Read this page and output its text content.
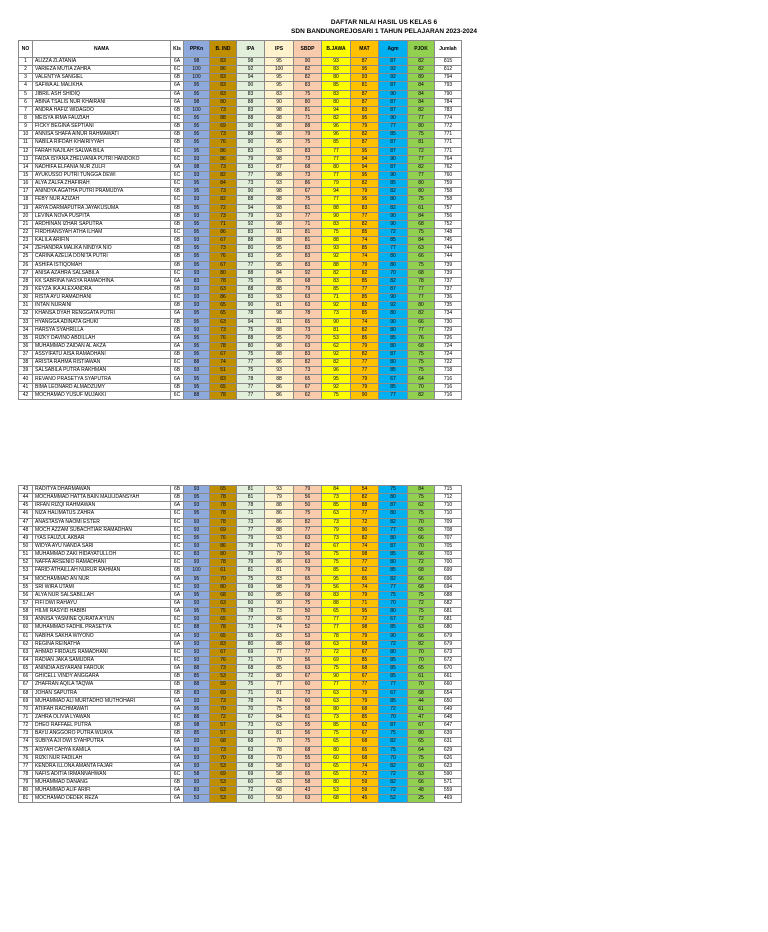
DAFTAR NILAI HASIL US KELAS 6
SDN BANDUNGREJOSARI 1 TAHUN PELAJARAN 2023-2024
NO	NAMA	Kls	PPKn	B. IND	IPA	IPS	SBDP	B.JAWA	MAT	Agm	PJOK	Jumlah
1	ALIZZA ZLATANIA	6A	98	83	98	95	90	93	87	87	82	815
2	VARIEZA MUTIA ZAHRA	6C	100	86	92	100	82	83	95	92	82	812
3	VALENTYA SANGIEL	6B	100	83	94	95	82	80	93	92	89	794
4	SAFWA AL MALIKHA	6A	95	83	90	95	83	85	81	87	84	793
5	JIBRIL ASH SHIDIQ	6A	95	83	83	83	75	83	87	90	84	790
6	ABINA TSALIS NUR KHAIRANI	6A	98	80	88	90	80	80	87	87	84	784
7	ANDRA HAFIZ WIDAGDO	6B	100	73	83	98	81	94	83	87	82	783
8	MEISYA IRMA FAUZIAH	6C	95	88	88	88	71	82	95	90	77	774
9	FICKY BEGINA SEPTIANI	6B	95	69	90	98	88	96	79	77	80	772
10	ANNISA SHAFA AINUR RAHMAWATI	6B	95	73	88	98	79	96	82	85	75	771
11	NABILA RIFDAH KHAIRIYYAH	6B	95	76	90	95	75	85	87	87	81	771
12	FARAH NAJILAH SALWA BILA	6C	95	86	83	93	83	77	95	87	72	771
13	FAIDA ISYANA ZHELVANIA PUTRI HANDOKO	6C	93	86	79	98	73	77	94	90	77	764
14	NADHIFA ELFANIA NUR ZULFI	6A	98	73	83	87	68	80	94	87	82	762
15	AYUKUSSO PUTRI TUNGGA DEWI	6C	93	82	77	98	73	77	95	90	77	760
16	ALYA ZALFA ZHAFIRAH	6C	95	84	73	93	86	79	82	85	80	759
17	ANINDYA AGATHA PUTRI PRAMUDYA	6B	95	73	90	98	67	94	79	82	80	758
18	FEBY NUR AZIZAH	6C	93	82	88	88	75	77	95	80	75	758
19	ARYA DARMAPUTRA JAYAKUSUMA	6B	95	72	94	98	81	88	83	82	61	757
20	LEVINA NOVA PUSPITA	6B	93	73	79	93	77	90	77	90	84	756
21	ARDHINAN IZHAR SAPUTRA	6B	95	71	92	98	71	83	82	90	68	752
22	FIRDHIANSYAH ATHA ILHAM	6C	95	86	83	91	81	75	85	72	75	748
23	KALILA ARIFIN	6B	93	67	88	88	81	88	74	85	84	745
24	ZEHANDRA MALIKA NINDYA NIO	6B	95	73	80	95	83	93	85	77	63	744
25	CARINA AZELIA DONITA PUTRI	6B	95	76	83	95	83	92	74	80	66	744
26	ASHIFA ISTIQOMAH	6B	95	67	77	95	83	88	79	80	75	739
27	ANISA AZAHRA SALSABILA	6C	93	80	88	84	92	82	82	70	68	739
28	KK SABRINA NASYA RAMADHINA	6A	83	78	75	95	68	83	85	82	78	737
29	KEYZA IKA ALEXANDRA	6B	93	63	88	88	79	85	77	87	77	737
30	RISTA AYU RAMADHANI	6C	93	86	83	93	63	71	85	90	77	736
31	INTAN NURAINI	6B	93	65	90	81	63	92	82	92	80	735
32	KHANSA DYAH RENGGATA PUTRI	6A	95	65	78	98	78	73	85	80	82	734
33	HYANGGA ADINATA GHUKI	6B	95	63	94	91	65	90	74	90	66	730
34	HARSYA SYAHRILLA	6B	93	73	75	88	73	81	82	80	77	729
35	RIZKY DAVINO ABDILLAH	6A	95	76	88	95	70	53	85	85	76	726
36	MUHAMMAD ZAIDAN AL AKZA	6A	95	78	80	98	63	62	79	80	68	724
37	ASSYIFATU AISA RAMADHANI	6B	95	67	75	88	83	92	82	87	75	724
38	ARISTA RAHMA RISTIAWAN	6C	88	74	77	86	82	82	77	80	75	722
39	SALSABILA PUTRA RAKHMAN	6B	93	51	75	93	73	96	77	85	75	718
40	REVANO PRASETYA SYAPUTRA	6A	95	83	78	88	65	95	79	67	64	716
41	BIMA LEONARD ALMADZUMY	6B	95	65	77	86	67	92	79	85	70	716
42	MOCHAMAD YUSUF MUJAKKI	6C	88	78	77	86	62	75	90	77	82	716
43	RADITYA DHARMAWAN	6B	93	65	81	93	79	84	54	75	84	715
44	MOCHAMMAD HATTA BAIN MAULIDANSYAH	6B	95	78	81	79	56	73	82	80	75	712
45	IRFAN RIZQI RAHMAWAN	6A	93	78	78	88	50	85	88	87	62	710
46	NIZA HALIMATUS ZAHRA	6C	95	78	71	86	75	63	77	80	75	710
47	ANASTASYA NAOMI ESTER	6C	93	78	73	86	82	73	72	82	70	709
48	MOCH AZZAM SUBACHTIAR RAMADHAN	6C	93	69	77	88	77	79	90	77	65	708
49	IYAS FAUZUL AKBAR	6C	95	76	79	93	63	73	82	80	66	707
50	WIDYA AYU NANDA SARI	6C	93	86	79	70	82	67	74	87	70	705
51	MUHAMMAD ZAKI HIDAYATULLOH	6C	83	80	79	79	56	75	98	85	66	703
52	NAFFA ARSENIO RAMADHANI	6C	93	78	79	86	63	75	77	80	72	700
53	FARID ATHAILLAH NURUR RAHMAN	6B	100	61	81	81	79	85	62	85	68	699
54	MOCHAMMAD AN NUR	6A	95	70	75	83	65	95	65	82	66	696
55	SRI WIRA UTAMI	6C	93	80	69	98	79	56	74	77	68	694
56	ALYA NUR SALSABILLAH	6A	95	68	60	85	68	83	79	75	75	688
57	FIFI DWI RAHAYU	6A	93	63	60	90	75	88	71	70	72	682
58	HILMI RASYID HABIBI	6A	95	75	78	73	50	65	95	80	75	681
59	ANNISA YASMINE QURATA A'YUN	6C	93	65	77	86	72	77	72	67	72	681
60	MUHAMMAD FADHIL PRASETYA	6C	88	78	73	74	52	77	98	85	63	680
61	NABIHA SAKHA WIYONO	6A	93	65	65	83	53	78	79	90	66	679
62	REGINA REINATHA	6A	93	83	80	88	68	63	68	72	82	679
63	AHMAD FIRDAUS RAMADHANI	6C	93	67	69	77	77	72	67	80	70	673
64	RADIAN JAKA SAMUDRA	6C	93	76	71	70	56	69	85	85	70	672
65	ANINDIA AISYARANI FAROUK	6A	88	73	68	85	63	75	68	85	65	670
66	GHICELL VINDY ANGGARA	6B	85	53	72	80	67	90	67	85	61	661
67	ZHAFRAN AQILA TAQWA	6B	88	59	75	77	60	77	77	77	70	660
68	JOHAN SAPUTRA	6B	83	69	71	81	73	63	79	67	68	654
69	MUHAMMAD ALI MURTADHO MUTHOHARI	6A	93	73	78	74	60	63	79	85	44	650
70	ATIIFAH RACHMAWATI	6A	95	70	70	75	58	80	68	72	61	649
71	ZAHRA OLIVIA LYAWAN	6C	88	72	67	84	61	73	85	70	47	648
72	DHEO RAFFAEL PUTRA	6B	98	57	73	63	55	85	62	87	67	647
73	BAYU ANGGORO PUTRA WIJAYA	6B	85	57	63	81	56	75	67	75	80	639
74	SUBIYA AJI DWI SYAHPUTRA	6A	93	68	68	70	75	65	68	82	65	631
75	AISYAH CAHYA KAMILA	6A	83	73	63	78	68	80	65	75	64	629
76	RIZKI NUR FADILAH	6A	93	70	68	70	55	60	68	70	75	626
77	KENDRA ILLONA AMANTA FAJAR	6A	93	53	68	58	63	65	74	82	60	623
78	NAFIS ADITIA IRMANNAHWAN	6C	58	69	69	58	65	65	72	72	63	590
79	MUHAMMAD DANANG	6B	93	53	60	63	58	80	59	82	66	571
80	MUHAMMAD ALIF ARIFI	6A	83	63	72	68	43	53	59	72	48	559
81	MOCHAMAD DEDEK REZA	6A	53	53	60	50	63	68	45	52	25	469
